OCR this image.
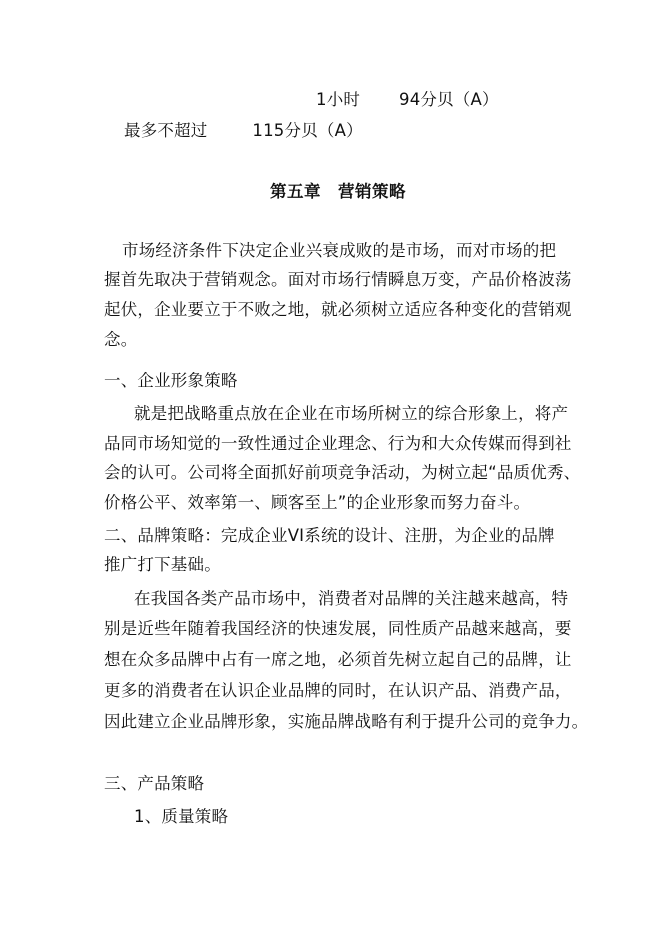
1小时 94分贝（A）
最多不超过	115分贝（A）
第五章　营销策略
市场经济条件下决定企业兴衰成败的是市场，而对市场的把
握首先取决于营销观念。面对市场行情瞬息万变，产品价格波荡
起伏，企业要立于不败之地，就必须树立适应各种变化的营销观
念。
一、企业形象策略
就是把战略重点放在企业在市场所树立的综合形象上，将产
品同市场知觉的一致性通过企业理念、行为和大众传媒而得到社
会的认可。公司将全面抓好前项竞争活动，为树立起“品质优秀、
价格公平、效率第一、顾客至上”的企业形象而努力奋斗。
二、品牌策略：完成企业VI系统的设计、注册，为企业的品牌
推广打下基础。
在我国各类产品市场中，消费者对品牌的关注越来越高，特
别是近些年随着我国经济的快速发展，同性质产品越来越高，要
想在众多品牌中占有一席之地，必须首先树立起自己的品牌，让
更多的消费者在认识企业品牌的同时，在认识产品、消费产品，
因此建立企业品牌形象，实施品牌战略有利于提升公司的竞争力。
三、产品策略
1、质量策略
